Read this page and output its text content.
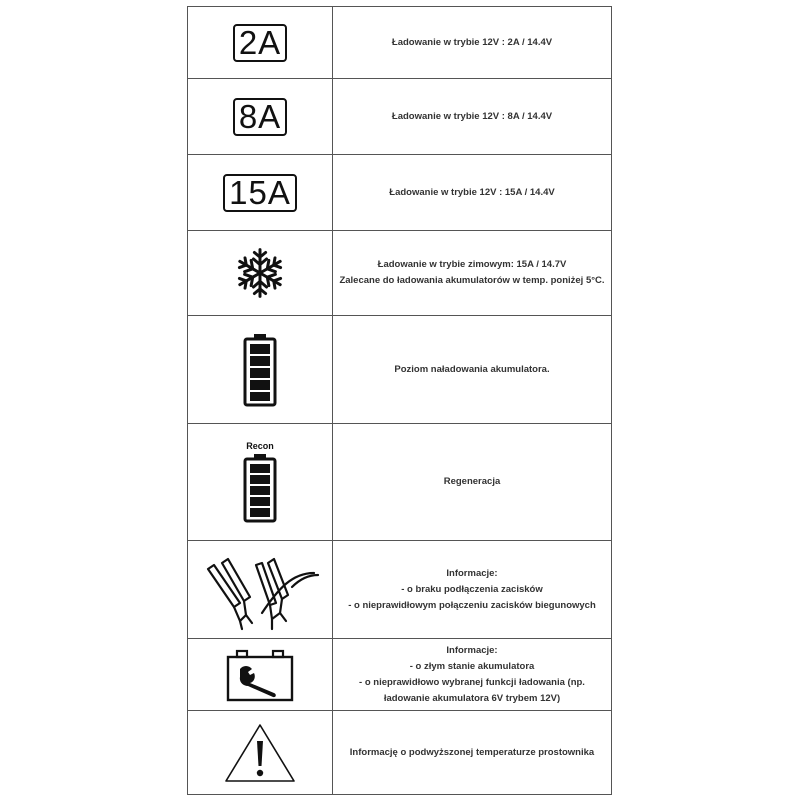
2A	Ładowanie w trybie 12V : 2A / 14.4V

8A	Ładowanie w trybie 12V : 8A / 14.4V

15A	Ładowanie w trybie 12V : 15A / 14.4V

Ładowanie w trybie zimowym: 15A / 14.7V
Zalecane do ładowania akumulatorów w temp. poniżej 5°C.

Poziom naładowania akumulatora.

Recon	Regeneracja

Informacje:
- o braku podłączenia zacisków
- o nieprawidłowym połączeniu zacisków biegunowych

Informacje:
- o złym stanie akumulatora
- o nieprawidłowo wybranej funkcji ładowania (np.
ładowanie akumulatora 6V trybem 12V)

Informację o podwyższonej temperaturze prostownika
